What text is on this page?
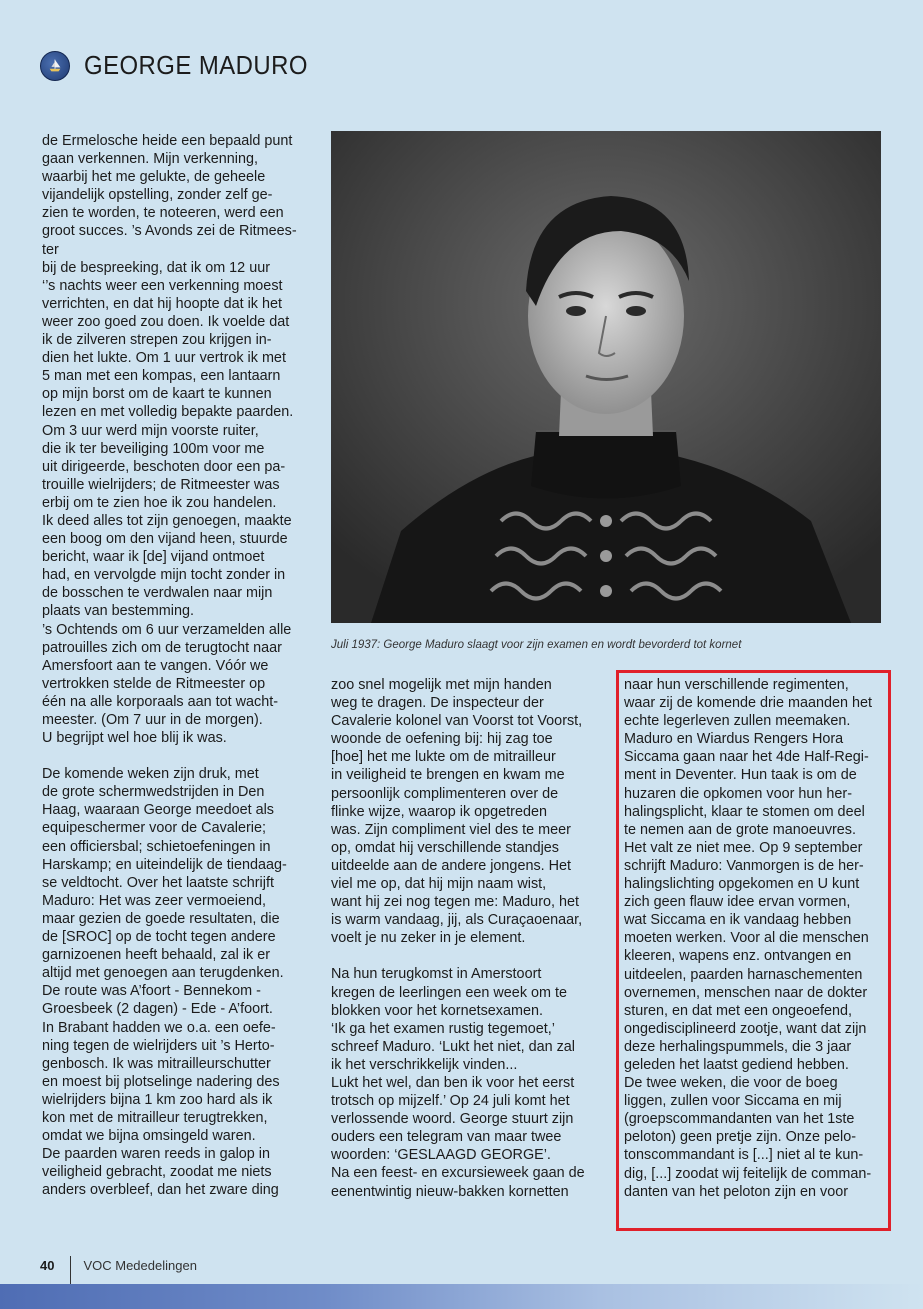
GEORGE MADURO

de Ermelosche heide een bepaald punt

gaan verkennen. Mijn verkenning,

waarbij het me gelukte, de geheele

vijandelijk opstelling, zonder zelf ge-

zien te worden, te noteeren, werd een

groot succes. ’s Avonds zei de Ritmees-ter

bij de bespreeking, dat ik om 12 uur

‘’s nachts weer een verkenning moest

verrichten, en dat hij hoopte dat ik het

weer zoo goed zou doen. Ik voelde dat

ik de zilveren strepen zou krijgen in-

dien het lukte. Om 1 uur vertrok ik met

5 man met een kompas, een lantaarn

op mijn borst om de kaart te kunnen

lezen en met volledig bepakte paarden.

Om 3 uur werd mijn voorste ruiter,

die ik ter beveiliging 100m voor me

uit dirigeerde, beschoten door een pa-

trouille wielrijders; de Ritmeester was

erbij om te zien hoe ik zou handelen.

Ik deed alles tot zijn genoegen, maakte

een boog om den vijand heen, stuurde

bericht, waar ik [de] vijand ontmoet

had, en vervolgde mijn tocht zonder in

de bosschen te verdwalen naar mijn

plaats van bestemming.

’s Ochtends om 6 uur verzamelden alle

patrouilles zich om de terugtocht naar

Amersfoort aan te vangen. Vóór we

vertrokken stelde de Ritmeester op

één na alle korporaals aan tot wacht-

meester. (Om 7 uur in de morgen).

U begrijpt wel hoe blij ik was.

De komende weken zijn druk, met

de grote schermwedstrijden in Den

Haag, waaraan George meedoet als

equipeschermer voor de Cavalerie;

een officiersbal; schietoefeningen in

Harskamp; en uiteindelijk de tiendaag-

se veldtocht. Over het laatste schrijft

Maduro: Het was zeer vermoeiend,

maar gezien de goede resultaten, die

de [SROC] op de tocht tegen andere

garnizoenen heeft behaald, zal ik er

altijd met genoegen aan terugdenken.

De route was A’foort - Bennekom -

Groesbeek (2 dagen) - Ede - A’foort.

In Brabant hadden we o.a. een oefe-

ning tegen de wielrijders uit ’s Herto-

genbosch. Ik was mitrailleurschutter

en moest bij plotselinge nadering des

wielrijders bijna 1 km zoo hard als ik

kon met de mitrailleur terugtrekken,

omdat we bijna omsingeld waren.

De paarden waren reeds in galop in

veiligheid gebracht, zoodat me niets

anders overbleef, dan het zware ding

Juli 1937: George Maduro slaagt voor zijn examen en wordt bevorderd tot kornet

zoo snel mogelijk met mijn handen

weg te dragen. De inspecteur der

Cavalerie kolonel van Voorst tot Voorst,

woonde de oefening bij: hij zag toe

[hoe] het me lukte om de mitrailleur

in veiligheid te brengen en kwam me

persoonlijk complimenteren over de

flinke wijze, waarop ik opgetreden

was. Zijn compliment viel des te meer

op, omdat hij verschillende standjes

uitdeelde aan de andere jongens. Het

viel me op, dat hij mijn naam wist,

want hij zei nog tegen me: Maduro, het

is warm vandaag, jij, als Curaçaoenaar,

voelt je nu zeker in je element.

Na hun terugkomst in Amerstoort

kregen de leerlingen een week om te

blokken voor het kornetsexamen.

‘Ik ga het examen rustig tegemoet,’

schreef Maduro. ‘Lukt het niet, dan zal

ik het verschrikkelijk vinden...

Lukt het wel, dan ben ik voor het eerst

trotsch op mijzelf.’ Op 24 juli komt het

verlossende woord. George stuurt zijn

ouders een telegram van maar twee

woorden: ‘GESLAAGD GEORGE’.

Na een feest- en excursieweek gaan de

eenentwintig nieuw-bakken kornetten

naar hun verschillende regimenten,

waar zij de komende drie maanden het

echte legerleven zullen meemaken.

Maduro en Wiardus Rengers Hora

Siccama gaan naar het 4de Half-Regi-

ment in Deventer. Hun taak is om de

huzaren die opkomen voor hun her-

halingsplicht, klaar te stomen om deel

te nemen aan de grote manoeuvres.

Het valt ze niet mee. Op 9 september

schrijft Maduro: Vanmorgen is de her-

halingslichting opgekomen en U kunt

zich geen flauw idee ervan vormen,

wat Siccama en ik vandaag hebben

moeten werken. Voor al die menschen

kleeren, wapens enz. ontvangen en

uitdeelen, paarden harnaschementen

overnemen, menschen naar de dokter

sturen, en dat met een ongeoefend,

ongedisciplineerd zootje, want dat zijn

deze herhalingspummels, die 3 jaar

geleden het laatst gediend hebben.

De twee weken, die voor de boeg

liggen, zullen voor Siccama en mij

(groepscommandanten van het 1ste

peloton) geen pretje zijn. Onze pelo-

tonscommandant is [...] niet al te kun-

dig, [...] zoodat wij feitelijk de comman-

danten van het peloton zijn en voor

40 VOC Mededelingen
